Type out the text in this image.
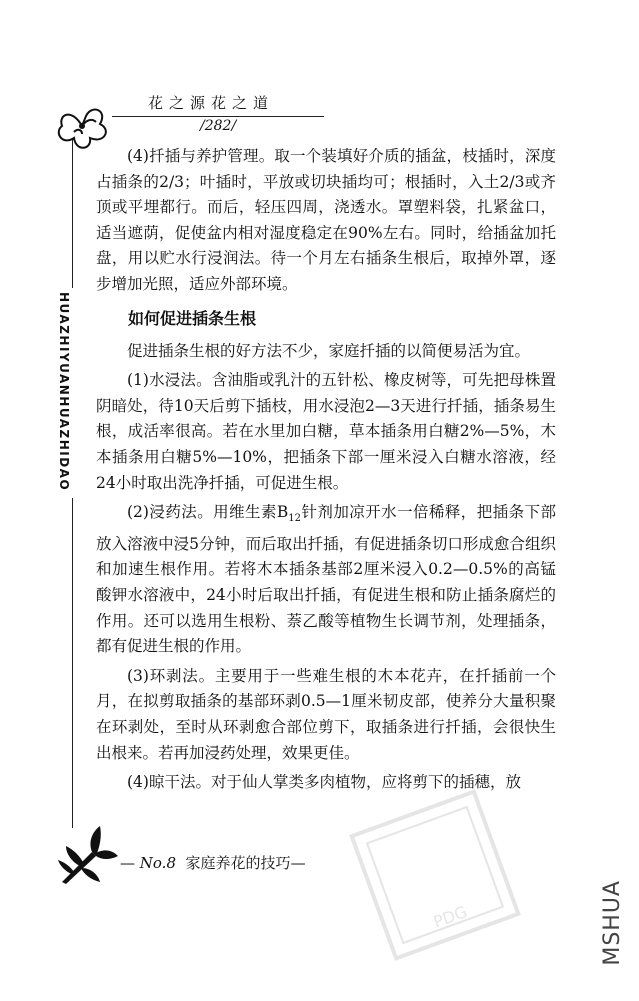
花之源花之道
/282/
HUAZHIYUANHUAZHIDAO

(4)扦插与养护管理。取一个装填好介质的插盆，枝插时，深度占插条的2/3；叶插时，平放或切块插均可；根插时，入土2/3或齐顶或平埋都行。而后，轻压四周，浇透水。罩塑料袋，扎紧盆口，适当遮荫，促使盆内相对湿度稳定在90%左右。同时，给插盆加托盘，用以贮水行浸润法。待一个月左右插条生根后，取掉外罩，逐步增加光照，适应外部环境。

如何促进插条生根

促进插条生根的好方法不少，家庭扦插的以简便易活为宜。

(1)水浸法。含油脂或乳汁的五针松、橡皮树等，可先把母株置阴暗处，待10天后剪下插枝，用水浸泡2—3天进行扦插，插条易生根，成活率很高。若在水里加白糖，草本插条用白糖2%—5%，木本插条用白糖5%—10%，把插条下部一厘米浸入白糖水溶液，经24小时取出洗净扦插，可促进生根。

(2)浸药法。用维生素$B_{12}$针剂加凉开水一倍稀释，把插条下部放入溶液中浸5分钟，而后取出扦插，有促进插条切口形成愈合组织和加速生根作用。若将木本插条基部2厘米浸入0.2—0.5%的高锰酸钾水溶液中，24小时后取出扦插，有促进生根和防止插条腐烂的作用。还可以选用生根粉、萘乙酸等植物生长调节剂，处理插条，都有促进生根的作用。

(3)环剥法。主要用于一些难生根的木本花卉，在扦插前一个月，在拟剪取插条的基部环剥0.5—1厘米韧皮部，使养分大量积聚在环剥处，至时从环剥愈合部位剪下，取插条进行扦插，会很快生出根来。若再加浸药处理，效果更佳。

(4)晾干法。对于仙人掌类多肉植物，应将剪下的插穗，放

— No.8 家庭养花的技巧—
PDG	MSHUA
